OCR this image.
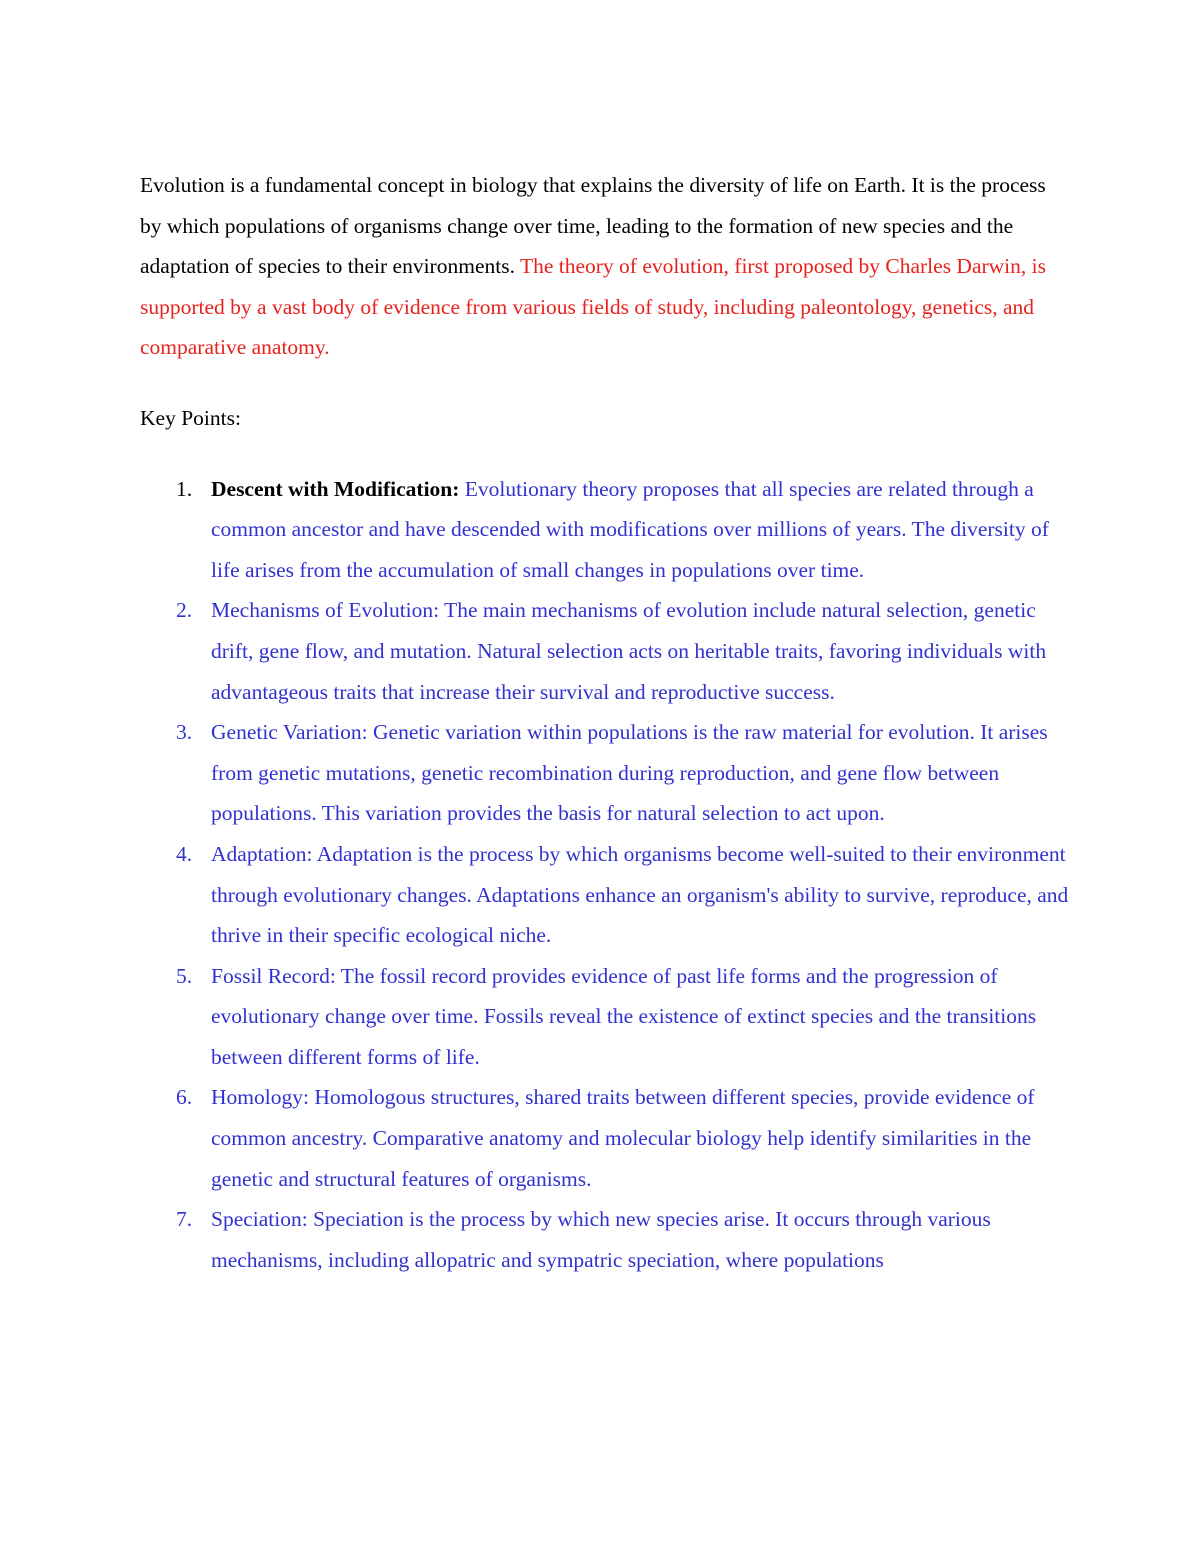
Evolution is a fundamental concept in biology that explains the diversity of life on Earth. It is the process by which populations of organisms change over time, leading to the formation of new species and the adaptation of species to their environments. The theory of evolution, first proposed by Charles Darwin, is supported by a vast body of evidence from various fields of study, including paleontology, genetics, and comparative anatomy.

Key Points:

1. Descent with Modification: Evolutionary theory proposes that all species are related through a common ancestor and have descended with modifications over millions of years. The diversity of life arises from the accumulation of small changes in populations over time.
2. Mechanisms of Evolution: The main mechanisms of evolution include natural selection, genetic drift, gene flow, and mutation. Natural selection acts on heritable traits, favoring individuals with advantageous traits that increase their survival and reproductive success.
3. Genetic Variation: Genetic variation within populations is the raw material for evolution. It arises from genetic mutations, genetic recombination during reproduction, and gene flow between populations. This variation provides the basis for natural selection to act upon.
4. Adaptation: Adaptation is the process by which organisms become well-suited to their environment through evolutionary changes. Adaptations enhance an organism's ability to survive, reproduce, and thrive in their specific ecological niche.
5. Fossil Record: The fossil record provides evidence of past life forms and the progression of evolutionary change over time. Fossils reveal the existence of extinct species and the transitions between different forms of life.
6. Homology: Homologous structures, shared traits between different species, provide evidence of common ancestry. Comparative anatomy and molecular biology help identify similarities in the genetic and structural features of organisms.
7. Speciation: Speciation is the process by which new species arise. It occurs through various mechanisms, including allopatric and sympatric speciation, where populations
